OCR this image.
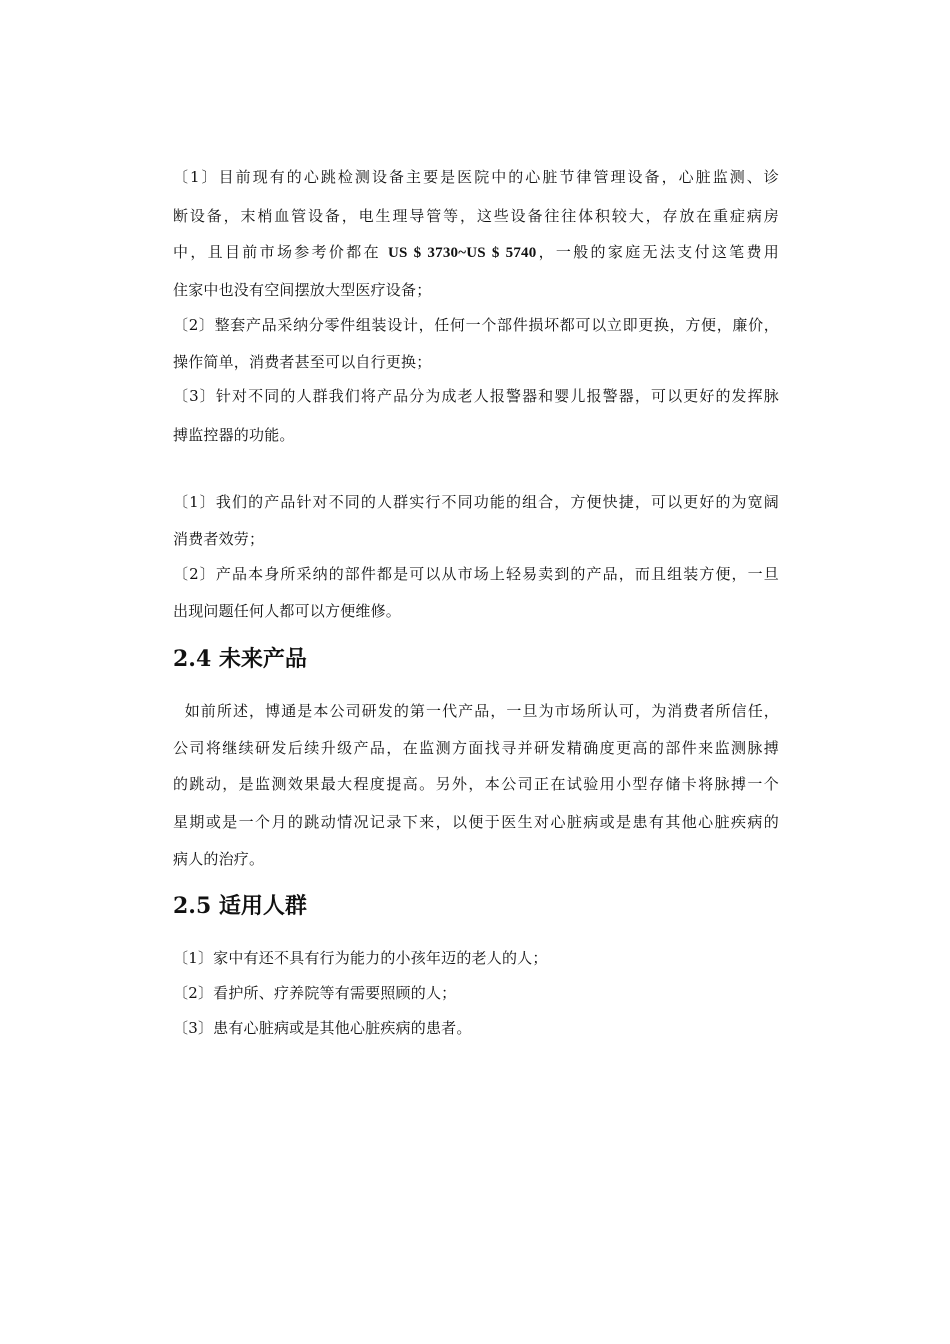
〔1〕目前现有的心跳检测设备主要是医院中的心脏节律管理设备，心脏监测、诊
断设备，末梢血管设备，电生理导管等，这些设备往往体积较大，存放在重症病房
中，且目前市场参考价都在 US $ 3730~US $ 5740，一般的家庭无法支付这笔费用
住家中也没有空间摆放大型医疗设备；
〔2〕整套产品采纳分零件组装设计，任何一个部件损坏都可以立即更换，方便，廉价，
操作简单，消费者甚至可以自行更换；
〔3〕针对不同的人群我们将产品分为成老人报警器和婴儿报警器，可以更好的发挥脉
搏监控器的功能。
〔1〕我们的产品针对不同的人群实行不同功能的组合，方便快捷，可以更好的为宽阔
消费者效劳；
〔2〕产品本身所采纳的部件都是可以从市场上轻易卖到的产品，而且组装方便，一旦
出现问题任何人都可以方便维修。
2.4 未来产品
如前所述，博通是本公司研发的第一代产品，一旦为市场所认可，为消费者所信任，
公司将继续研发后续升级产品，在监测方面找寻并研发精确度更高的部件来监测脉搏
的跳动，是监测效果最大程度提高。另外，本公司正在试验用小型存储卡将脉搏一个
星期或是一个月的跳动情况记录下来，以便于医生对心脏病或是患有其他心脏疾病的
病人的治疗。
2.5 适用人群
〔1〕家中有还不具有行为能力的小孩年迈的老人的人；
〔2〕看护所、疗养院等有需要照顾的人；
〔3〕患有心脏病或是其他心脏疾病的患者。
